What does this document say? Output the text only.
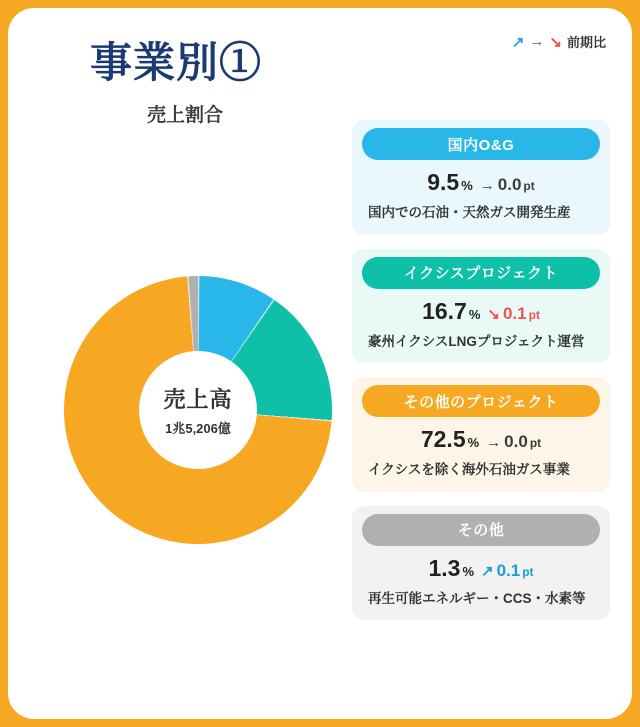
事業別①
売上割合
↗ → ↘ 前期比
売上高
1兆5,206億
国内O&G
9.5 % → 0.0 pt
国内での石油・天然ガス開発生産
イクシスプロジェクト
16.7 % ↘ 0.1 pt
豪州イクシスLNGプロジェクト運営
その他のプロジェクト
72.5 % → 0.0 pt
イクシスを除く海外石油ガス事業
その他
1.3 % ↗ 0.1 pt
再生可能エネルギー・CCS・水素等
